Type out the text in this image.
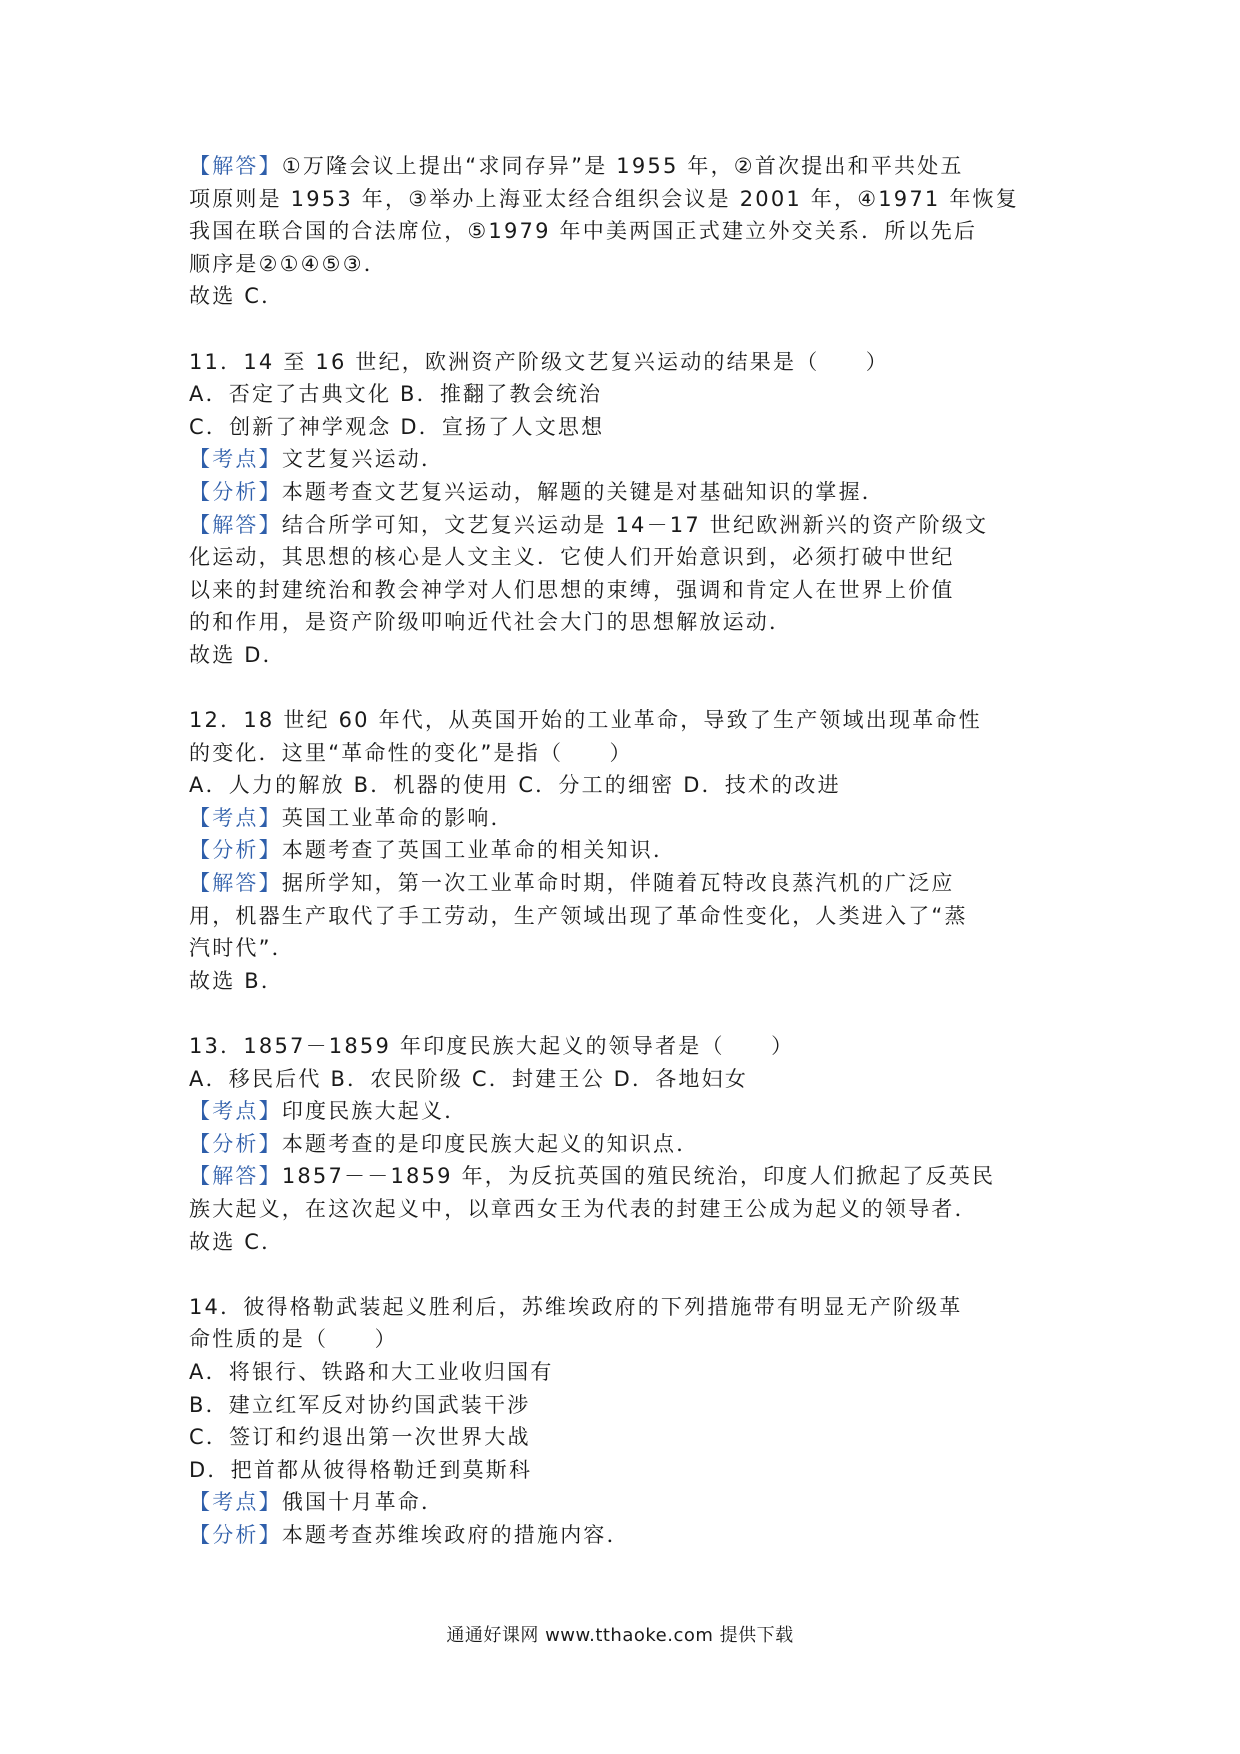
【解答】①万隆会议上提出“求同存异”是 1955 年，②首次提出和平共处五
项原则是 1953 年，③举办上海亚太经合组织会议是 2001 年，④1971 年恢复
我国在联合国的合法席位，⑤1979 年中美两国正式建立外交关系．所以先后
顺序是②①④⑤③．
故选 C．
11．14 至 16 世纪，欧洲资产阶级文艺复兴运动的结果是（　　）
A．否定了古典文化 B．推翻了教会统治
C．创新了神学观念 D．宣扬了人文思想
【考点】文艺复兴运动．
【分析】本题考查文艺复兴运动，解题的关键是对基础知识的掌握．
【解答】结合所学可知，文艺复兴运动是 14－17 世纪欧洲新兴的资产阶级文
化运动，其思想的核心是人文主义．它使人们开始意识到，必须打破中世纪
以来的封建统治和教会神学对人们思想的束缚，强调和肯定人在世界上价值
的和作用，是资产阶级叩响近代社会大门的思想解放运动．
故选 D．
12．18 世纪 60 年代，从英国开始的工业革命，导致了生产领域出现革命性
的变化．这里“革命性的变化”是指（　　）
A．人力的解放 B．机器的使用 C．分工的细密 D．技术的改进
【考点】英国工业革命的影响．
【分析】本题考查了英国工业革命的相关知识．
【解答】据所学知，第一次工业革命时期，伴随着瓦特改良蒸汽机的广泛应
用，机器生产取代了手工劳动，生产领域出现了革命性变化，人类进入了“蒸
汽时代”．
故选 B．
13．1857－1859 年印度民族大起义的领导者是（　　）
A．移民后代 B．农民阶级 C．封建王公 D．各地妇女
【考点】印度民族大起义．
【分析】本题考查的是印度民族大起义的知识点．
【解答】1857－－1859 年，为反抗英国的殖民统治，印度人们掀起了反英民
族大起义，在这次起义中，以章西女王为代表的封建王公成为起义的领导者．
故选 C．
14．彼得格勒武装起义胜利后，苏维埃政府的下列措施带有明显无产阶级革
命性质的是（　　）
A．将银行、铁路和大工业收归国有
B．建立红军反对协约国武装干涉
C．签订和约退出第一次世界大战
D．把首都从彼得格勒迁到莫斯科
【考点】俄国十月革命．
【分析】本题考查苏维埃政府的措施内容．
通通好课网 www.tthaoke.com 提供下载
